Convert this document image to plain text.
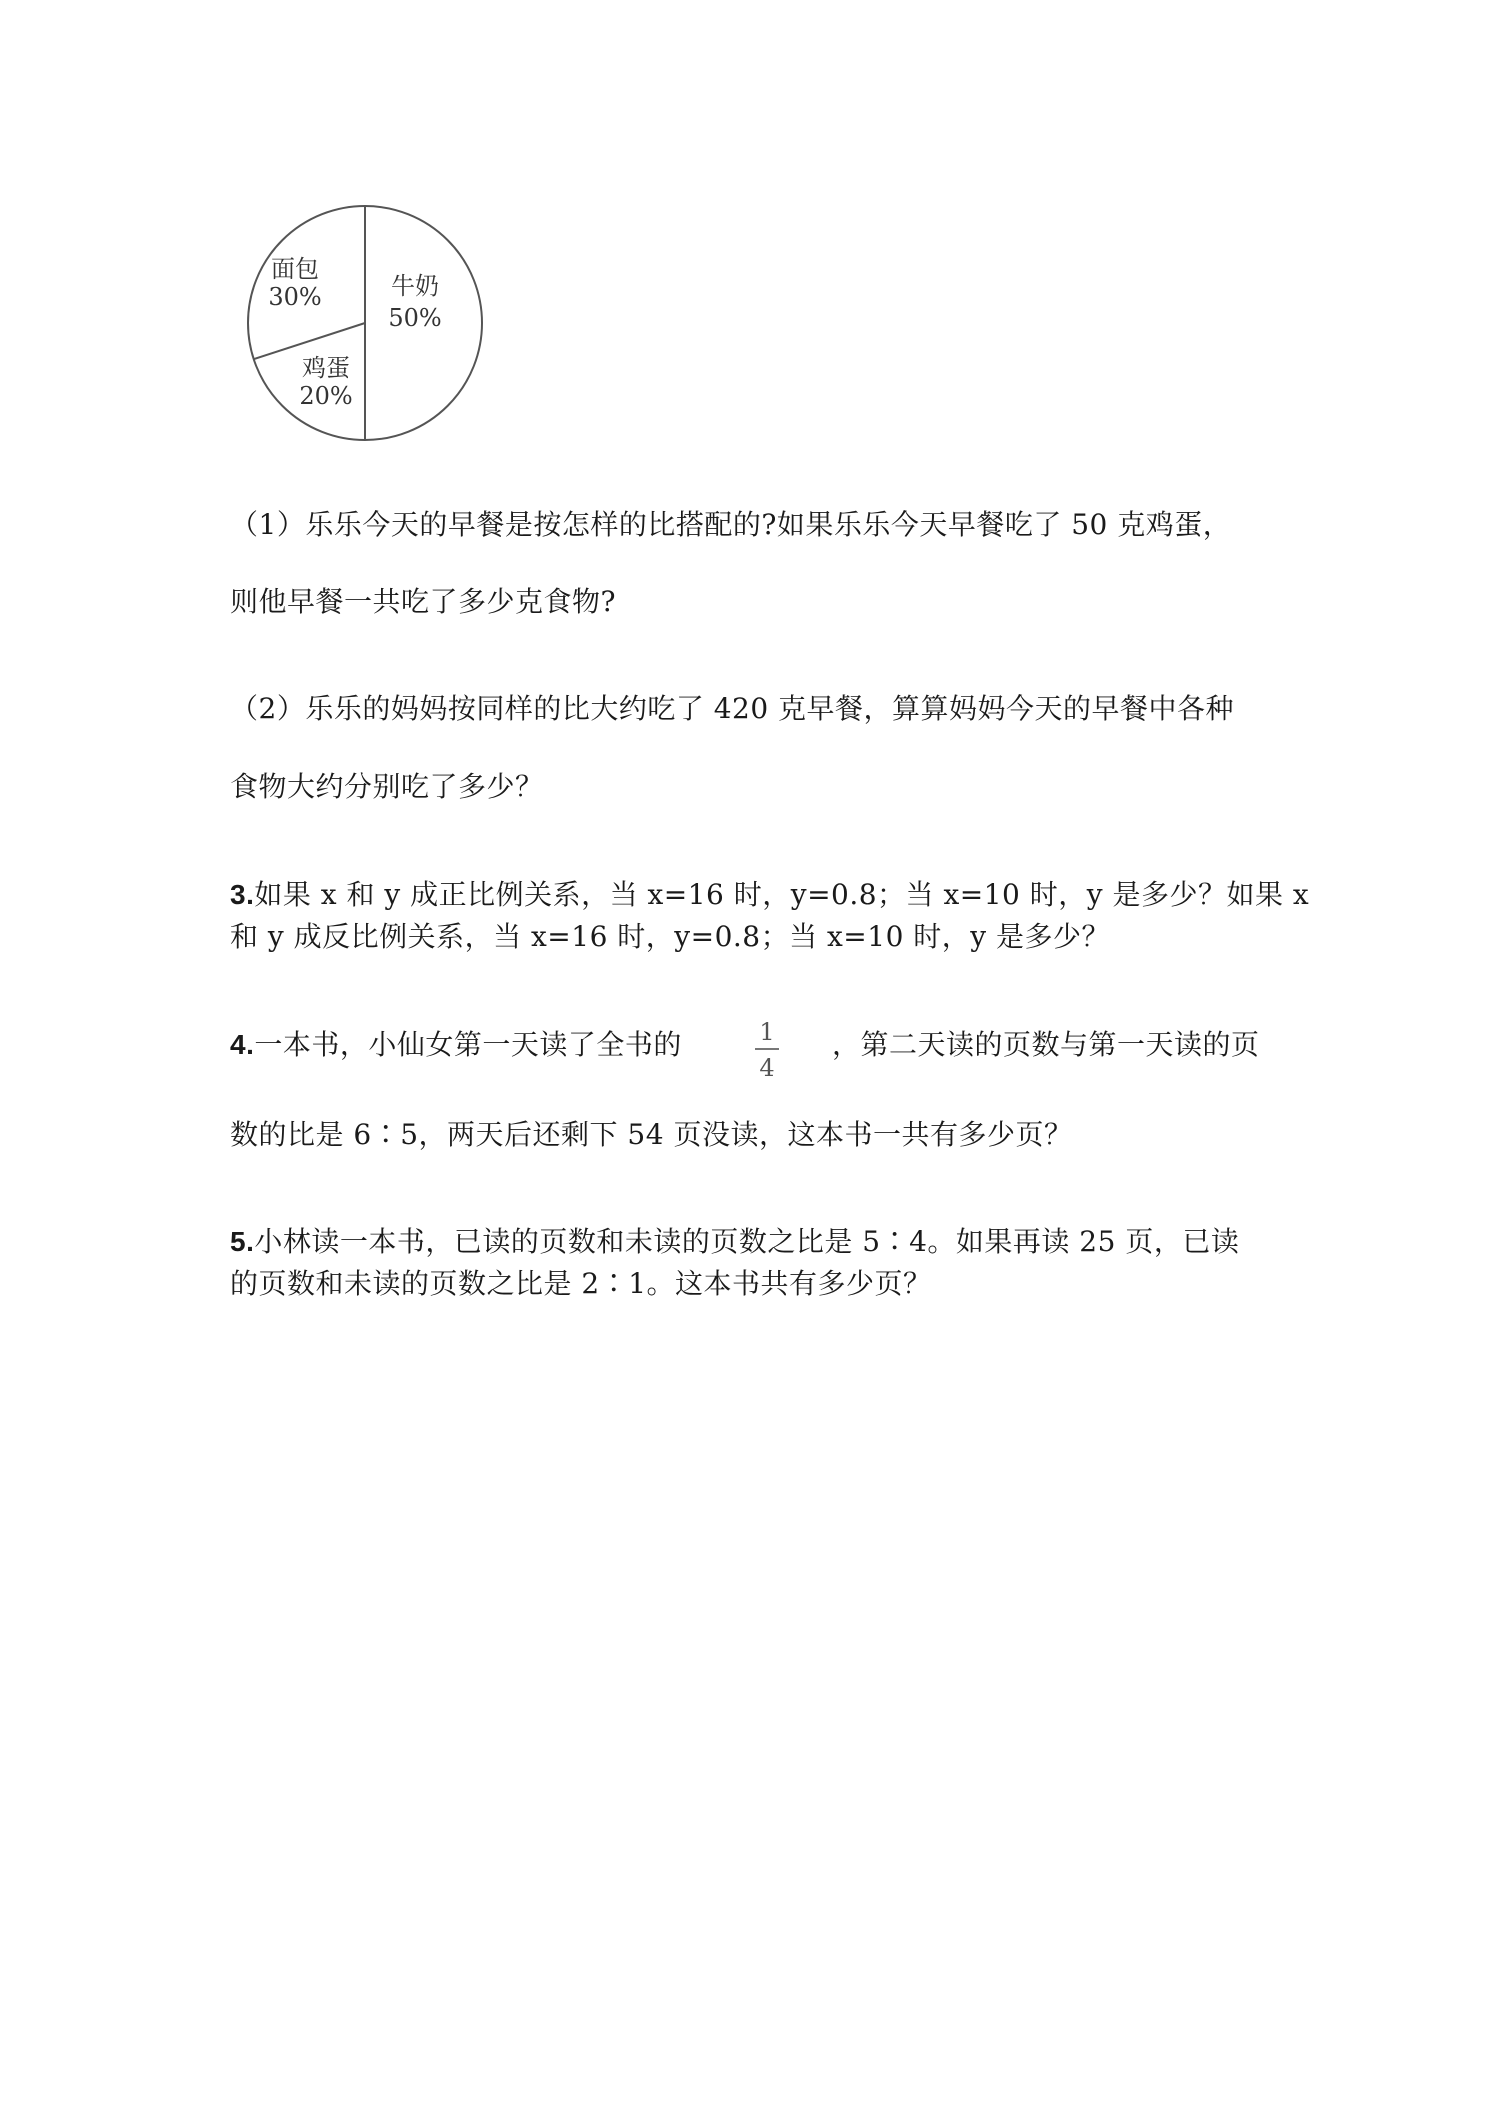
面包
30%	牛奶
50%
鸡蛋
20%
（1）乐乐今天的早餐是按怎样的比搭配的?如果乐乐今天早餐吃了 50 克鸡蛋，
则他早餐一共吃了多少克食物?
（2）乐乐的妈妈按同样的比大约吃了 420 克早餐，算算妈妈今天的早餐中各种
食物大约分别吃了多少？
3.如果 x 和 y 成正比例关系，当 x=16 时，y=0.8；当 x=10 时，y 是多少？如果 x
和 y 成反比例关系，当 x=16 时，y=0.8；当 x=10 时，y 是多少？
4.一本书，小仙女第一天读了全书的	1
4
，第二天读的页数与第一天读的页
数的比是 6∶5，两天后还剩下 54 页没读，这本书一共有多少页？
5.小林读一本书，已读的页数和未读的页数之比是 5∶4。如果再读 25 页，已读
的页数和未读的页数之比是 2∶1。这本书共有多少页？
